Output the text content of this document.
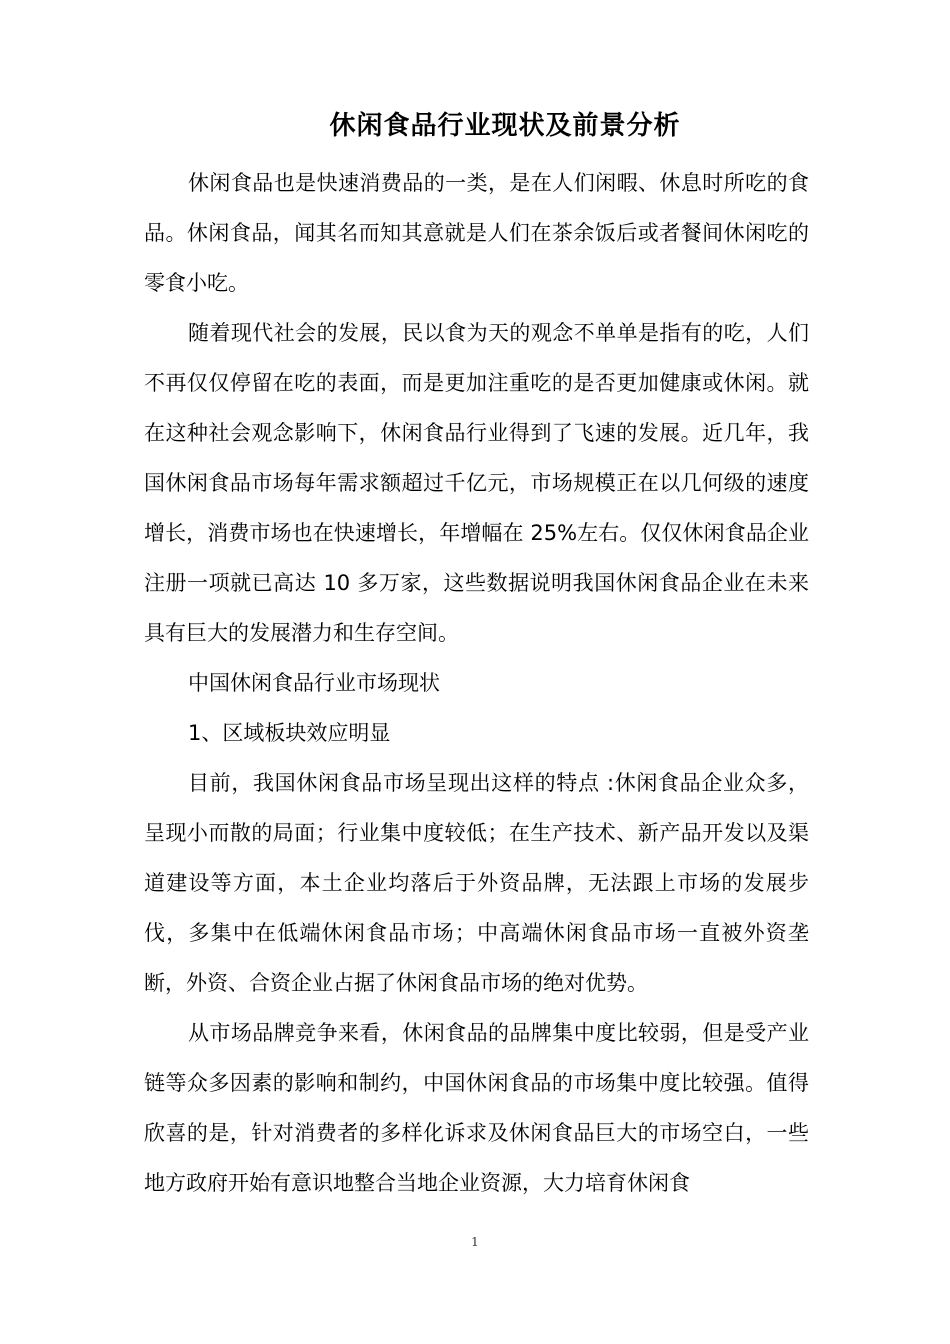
休闲食品行业现状及前景分析

休闲食品也是快速消费品的一类，是在人们闲暇、休息时所吃的食品。休闲食品，闻其名而知其意就是人们在茶余饭后或者餐间休闲吃的零食小吃。

随着现代社会的发展，民以食为天的观念不单单是指有的吃，人们不再仅仅停留在吃的表面，而是更加注重吃的是否更加健康或休闲。就在这种社会观念影响下，休闲食品行业得到了飞速的发展。近几年，我国休闲食品市场每年需求额超过千亿元，市场规模正在以几何级的速度增长，消费市场也在快速增长，年增幅在 25%左右。仅仅休闲食品企业注册一项就已高达 10 多万家，这些数据说明我国休闲食品企业在未来具有巨大的发展潜力和生存空间。

中国休闲食品行业市场现状

1、区域板块效应明显

目前，我国休闲食品市场呈现出这样的特点 :休闲食品企业众多，呈现小而散的局面；行业集中度较低；在生产技术、新产品开发以及渠道建设等方面，本土企业均落后于外资品牌，无法跟上市场的发展步伐，多集中在低端休闲食品市场；中高端休闲食品市场一直被外资垄断，外资、合资企业占据了休闲食品市场的绝对优势。

从市场品牌竞争来看，休闲食品的品牌集中度比较弱，但是受产业链等众多因素的影响和制约，中国休闲食品的市场集中度比较强。值得欣喜的是，针对消费者的多样化诉求及休闲食品巨大的市场空白，一些地方政府开始有意识地整合当地企业资源，大力培育休闲食

1
